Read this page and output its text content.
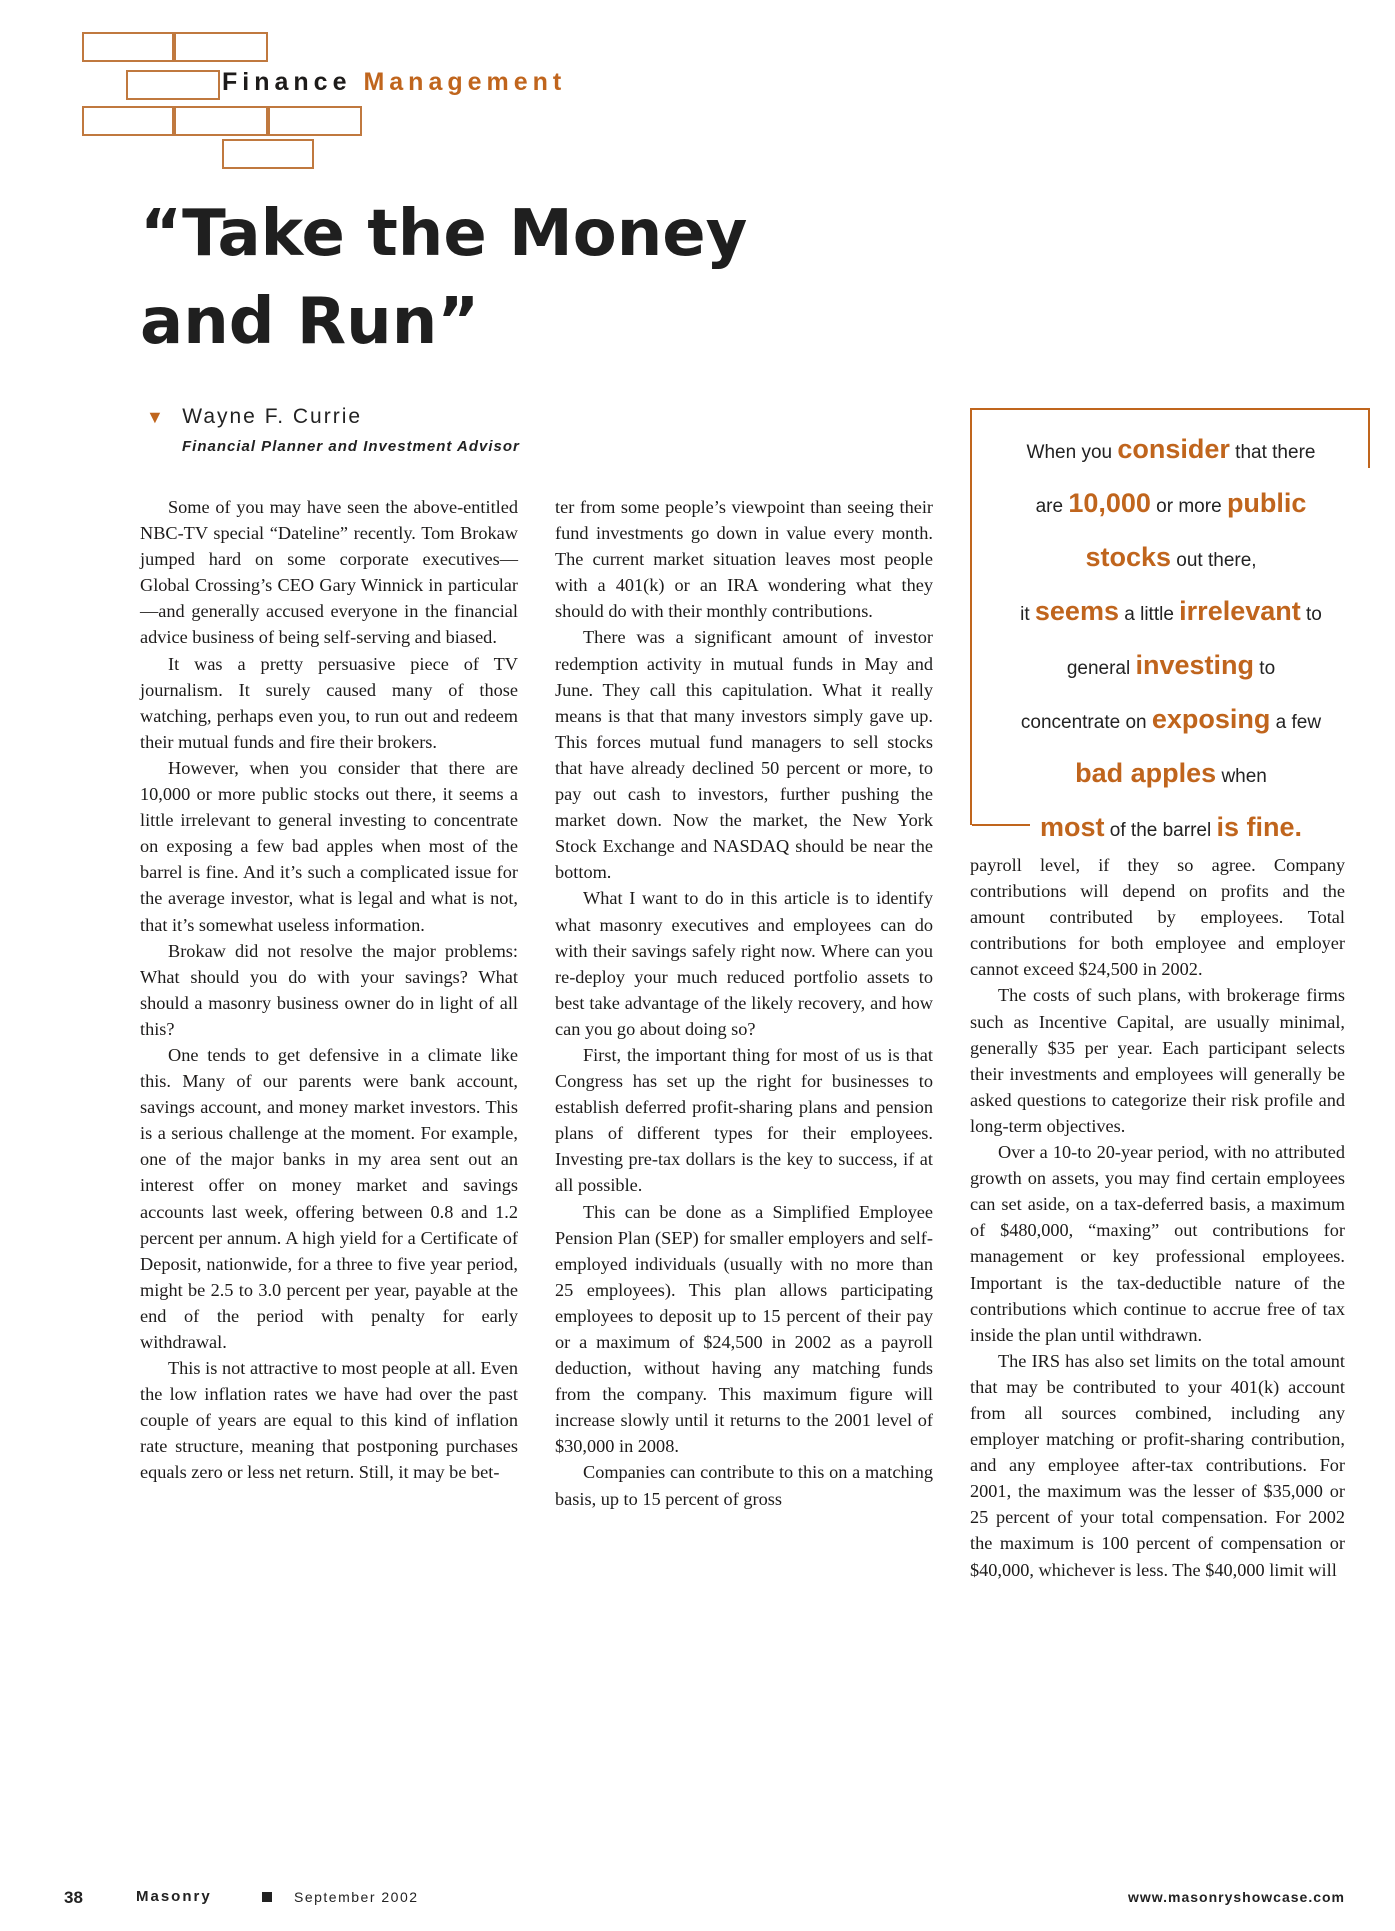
Finance Management
“Take the Money
and Run”
▼ Wayne F. Currie
Financial Planner and Investment Advisor

Some of you may have seen the above-entitled NBC-TV special “Dateline” recently. Tom Brokaw jumped hard on some corporate executives—Global Crossing’s CEO Gary Winnick in particular—and generally accused everyone in the financial advice business of being self-serving and biased.

It was a pretty persuasive piece of TV journalism. It surely caused many of those watching, perhaps even you, to run out and redeem their mutual funds and fire their brokers.

However, when you consider that there are 10,000 or more public stocks out there, it seems a little irrelevant to general investing to concentrate on exposing a few bad apples when most of the barrel is fine. And it’s such a complicated issue for the average investor, what is legal and what is not, that it’s somewhat useless information.

Brokaw did not resolve the major problems: What should you do with your savings? What should a masonry business owner do in light of all this?

One tends to get defensive in a climate like this. Many of our parents were bank account, savings account, and money market investors. This is a serious challenge at the moment. For example, one of the major banks in my area sent out an interest offer on money market and savings accounts last week, offering between 0.8 and 1.2 percent per annum. A high yield for a Certificate of Deposit, nationwide, for a three to five year period, might be 2.5 to 3.0 percent per year, payable at the end of the period with penalty for early withdrawal.

This is not attractive to most people at all. Even the low inflation rates we have had over the past couple of years are equal to this kind of inflation rate structure, meaning that postponing purchases equals zero or less net return. Still, it may be bet-

ter from some people’s viewpoint than seeing their fund investments go down in value every month. The current market situation leaves most people with a 401(k) or an IRA wondering what they should do with their monthly contributions.

There was a significant amount of investor redemption activity in mutual funds in May and June. They call this capitulation. What it really means is that that many investors simply gave up. This forces mutual fund managers to sell stocks that have already declined 50 percent or more, to pay out cash to investors, further pushing the market down. Now the market, the New York Stock Exchange and NASDAQ should be near the bottom.

What I want to do in this article is to identify what masonry executives and employees can do with their savings safely right now. Where can you re-deploy your much reduced portfolio assets to best take advantage of the likely recovery, and how can you go about doing so?

First, the important thing for most of us is that Congress has set up the right for businesses to establish deferred profit-sharing plans and pension plans of different types for their employees. Investing pre-tax dollars is the key to success, if at all possible.

This can be done as a Simplified Employee Pension Plan (SEP) for smaller employers and self-employed individuals (usually with no more than 25 employees). This plan allows participating employees to deposit up to 15 percent of their pay or a maximum of $24,500 in 2002 as a payroll deduction, without having any matching funds from the company. This maximum figure will increase slowly until it returns to the 2001 level of $30,000 in 2008.

Companies can contribute to this on a matching basis, up to 15 percent of gross

When you consider that there
are 10,000 or more public
stocks out there,
it seems a little irrelevant to
general investing to
concentrate on exposing a few
bad apples when
most of the barrel is fine.

payroll level, if they so agree. Company contributions will depend on profits and the amount contributed by employees. Total contributions for both employee and employer cannot exceed $24,500 in 2002.

The costs of such plans, with brokerage firms such as Incentive Capital, are usually minimal, generally $35 per year. Each participant selects their investments and employees will generally be asked questions to categorize their risk profile and long-term objectives.

Over a 10-to 20-year period, with no attributed growth on assets, you may find certain employees can set aside, on a tax-deferred basis, a maximum of $480,000, “maxing” out contributions for management or key professional employees. Important is the tax-deductible nature of the contributions which continue to accrue free of tax inside the plan until withdrawn.

The IRS has also set limits on the total amount that may be contributed to your 401(k) account from all sources combined, including any employer matching or profit-sharing contribution, and any employee after-tax contributions. For 2001, the maximum was the lesser of $35,000 or 25 percent of your total compensation. For 2002 the maximum is 100 percent of compensation or $40,000, whichever is less. The $40,000 limit will

38	Masonry	September 2002	www.masonryshowcase.com
